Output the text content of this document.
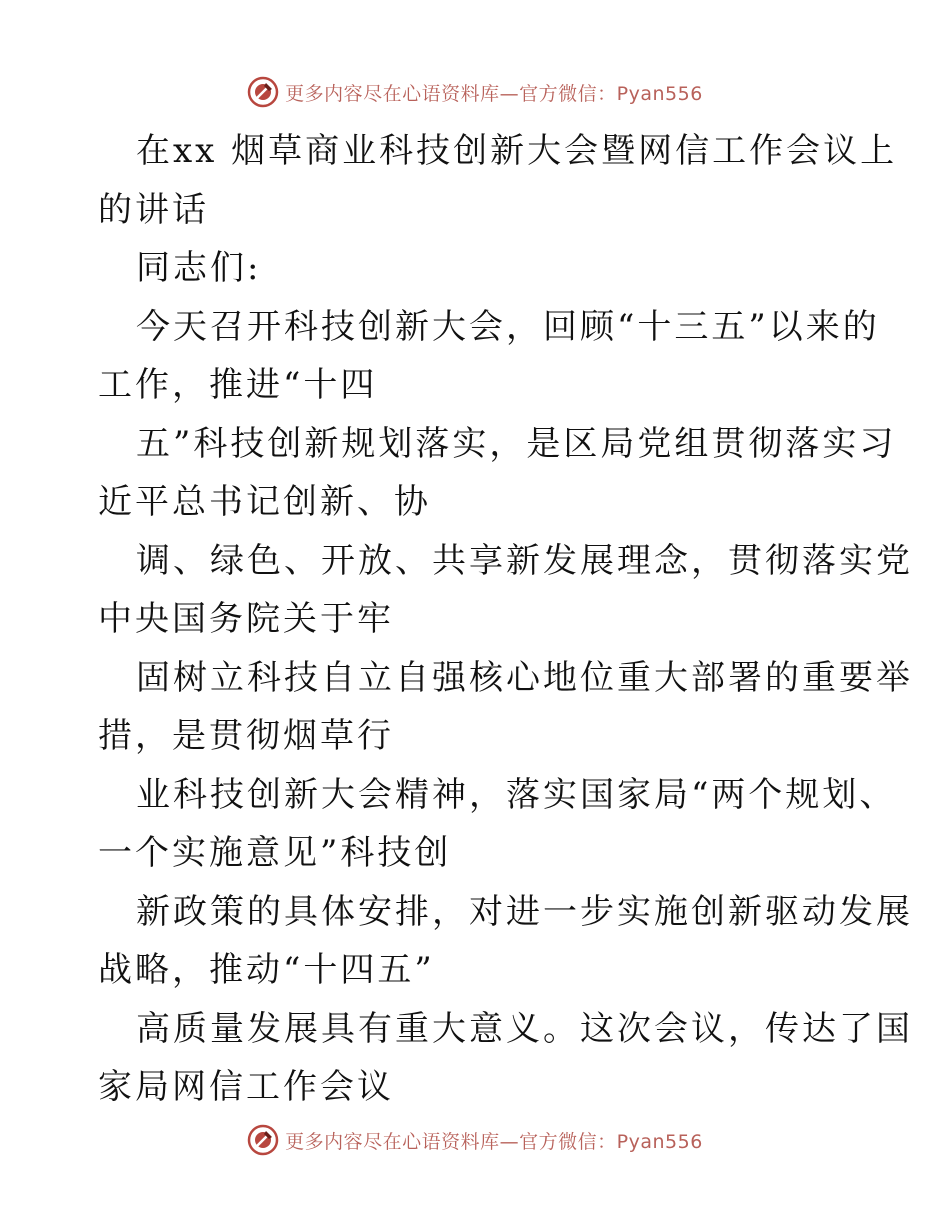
更多内容尽在心语资料库—官方微信：Pyan556
在xx 烟草商业科技创新大会暨网信工作会议上
的讲话
同志们:
今天召开科技创新大会，回顾“十三五”以来的
工作，推进“十四
五”科技创新规划落实，是区局党组贯彻落实习
近平总书记创新、协
调、绿色、开放、共享新发展理念，贯彻落实党
中央国务院关于牢
固树立科技自立自强核心地位重大部署的重要举
措，是贯彻烟草行
业科技创新大会精神，落实国家局“两个规划、
一个实施意见”科技创
新政策的具体安排，对进一步实施创新驱动发展
战略，推动“十四五”
高质量发展具有重大意义。这次会议，传达了国
家局网信工作会议
更多内容尽在心语资料库—官方微信：Pyan556
